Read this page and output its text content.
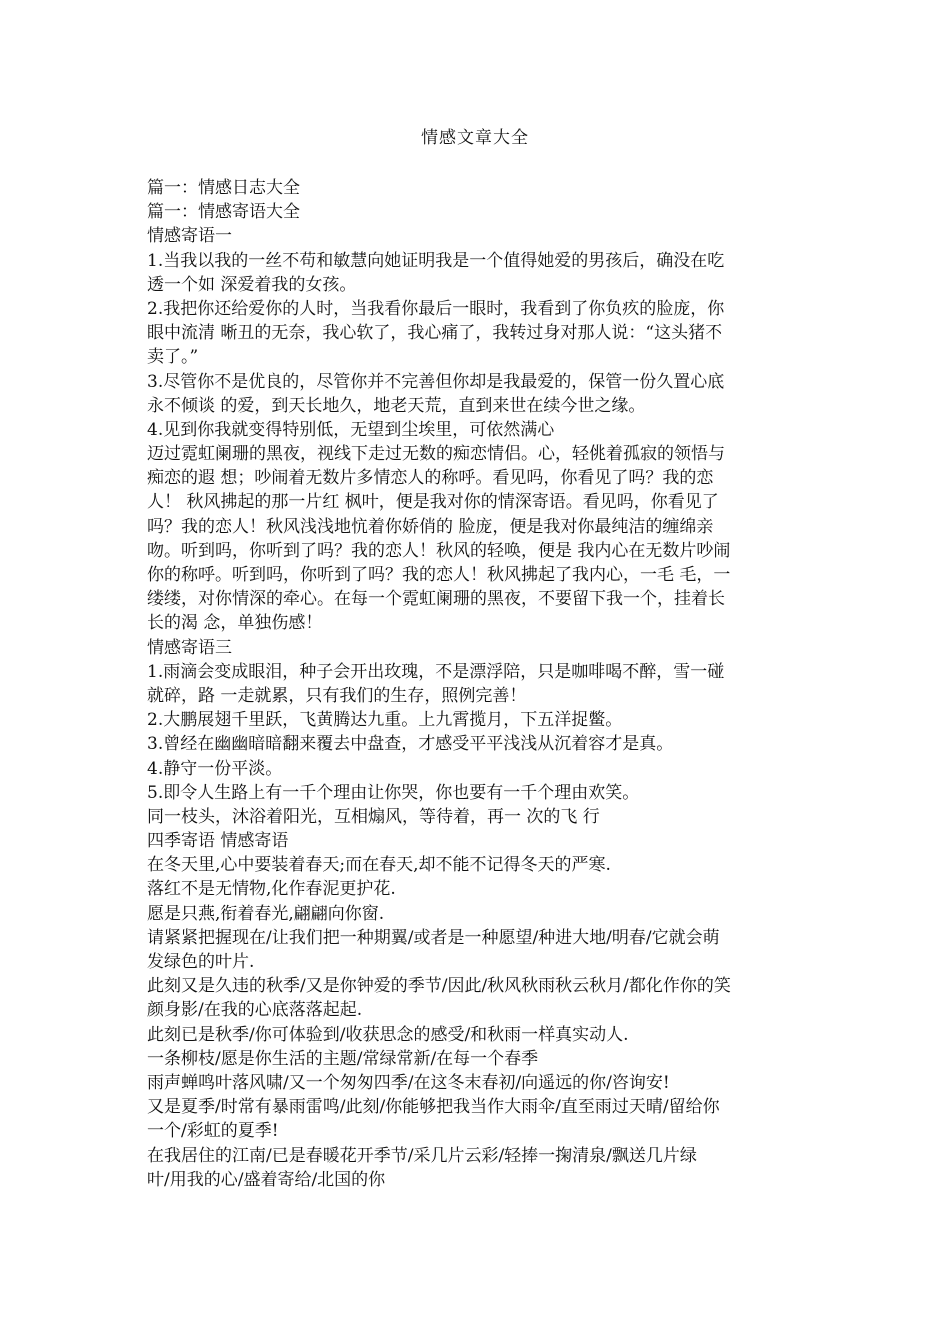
情感文章大全
篇一：情感日志大全
篇一：情感寄语大全
情感寄语一
1.当我以我的一丝不苟和敏慧向她证明我是一个值得她爱的男孩后，确没在吃
透一个如 深爱着我的女孩。
2.我把你还给爱你的人时，当我看你最后一眼时，我看到了你负疚的脸庞，你
眼中流清 晰丑的无奈，我心软了，我心痛了，我转过身对那人说：“这头猪不
卖了。”
3.尽管你不是优良的，尽管你并不完善但你却是我最爱的，保管一份久置心底
永不倾谈 的爱，到天长地久，地老天荒，直到来世在续今世之缘。
4.见到你我就变得特别低，无望到尘埃里，可依然满心
迈过霓虹阑珊的黑夜，视线下走过无数的痴恋情侣。心，轻佻着孤寂的领悟与
痴恋的遐 想；吵闹着无数片多情恋人的称呼。看见吗，你看见了吗？我的恋
人！ 秋风拂起的那一片红 枫叶，便是我对你的情深寄语。看见吗，你看见了
吗？我的恋人！秋风浅浅地忼着你娇俏的 脸庞，便是我对你最纯洁的缠绵亲
吻。听到吗，你听到了吗？我的恋人！秋风的轻唤，便是 我内心在无数片吵闹
你的称呼。听到吗，你听到了吗？我的恋人！秋风拂起了我内心，一毛 毛，一
缕缕，对你情深的牵心。在每一个霓虹阑珊的黑夜，不要留下我一个，挂着长
长的渴 念，单独伤感！
情感寄语三
1.雨滴会变成眼泪，种子会开出玫瑰，不是漂浮陪，只是咖啡喝不醉，雪一碰
就碎，路 一走就累，只有我们的生存，照例完善！
2.大鹏展翅千里跃，飞黄腾达九重。上九霄揽月，下五洋捉鳖。
3.曾经在幽幽暗暗翻来覆去中盘查，才感受平平浅浅从沉着容才是真。
4.静守一份平淡。
5.即令人生路上有一千个理由让你哭，你也要有一千个理由欢笑。
同一枝头，沐浴着阳光，互相煽风，等待着，再一 次的飞 行
四季寄语 情感寄语
在冬天里,心中要装着春天;而在春天,却不能不记得冬天的严寒.
落红不是无情物,化作春泥更护花.
愿是只燕,衔着春光,翩翩向你窗.
请紧紧把握现在/让我们把一种期翼/或者是一种愿望/种进大地/明春/它就会萌
发绿色的叶片.
此刻又是久违的秋季/又是你钟爱的季节/因此/秋风秋雨秋云秋月/都化作你的笑
颜身影/在我的心底落落起起.
此刻已是秋季/你可体验到/收获思念的感受/和秋雨一样真实动人.
一条柳枝/愿是你生活的主题/常绿常新/在每一个春季
雨声蝉鸣叶落风啸/又一个匆匆四季/在这冬末春初/向遥远的你/咨询安!
又是夏季/时常有暴雨雷鸣/此刻/你能够把我当作大雨伞/直至雨过天晴/留给你
一个/彩虹的夏季!
在我居住的江南/已是春暖花开季节/采几片云彩/轻捧一掬清泉/飘送几片绿
叶/用我的心/盛着寄给/北国的你
